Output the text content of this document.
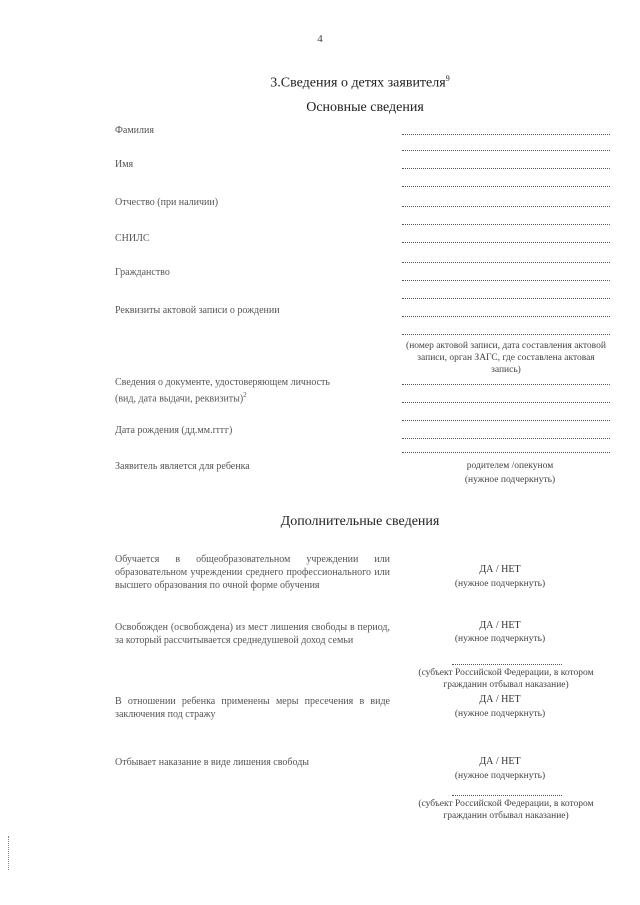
4
3.Сведения о детях заявителя$^9$
Основные сведения
Фамилия
Имя
Отчество (при наличии)
СНИЛС
Гражданство
Реквизиты актовой записи о рождении
Сведения о документе, удостоверяющем личность
(вид, дата выдачи, реквизиты)$^2$
Дата рождения (дд.мм.гггг)
Заявитель является для ребенка
(номер актовой записи, дата составления актовой записи, орган ЗАГС, где составлена актовая запись)
родителем /опекуном
(нужное подчеркнуть)
Дополнительные сведения
Обучается в общеобразовательном учреждении или образовательном учреждении среднего профессионального или высшего образования по очной форме обучения
ДА / НЕТ
(нужное подчеркнуть)
Освобожден (освобождена) из мест лишения свободы в период, за который рассчитывается среднедушевой доход семьи
ДА / НЕТ
(нужное подчеркнуть)
(субъект Российской Федерации, в котором гражданин отбывал наказание)
В отношении ребенка применены меры пресечения в виде заключения под стражу
ДА / НЕТ
(нужное подчеркнуть)
Отбывает наказание в виде лишения свободы	ДА / НЕТ
(нужное подчеркнуть)
(субъект Российской Федерации, в котором гражданин отбывал наказание)
